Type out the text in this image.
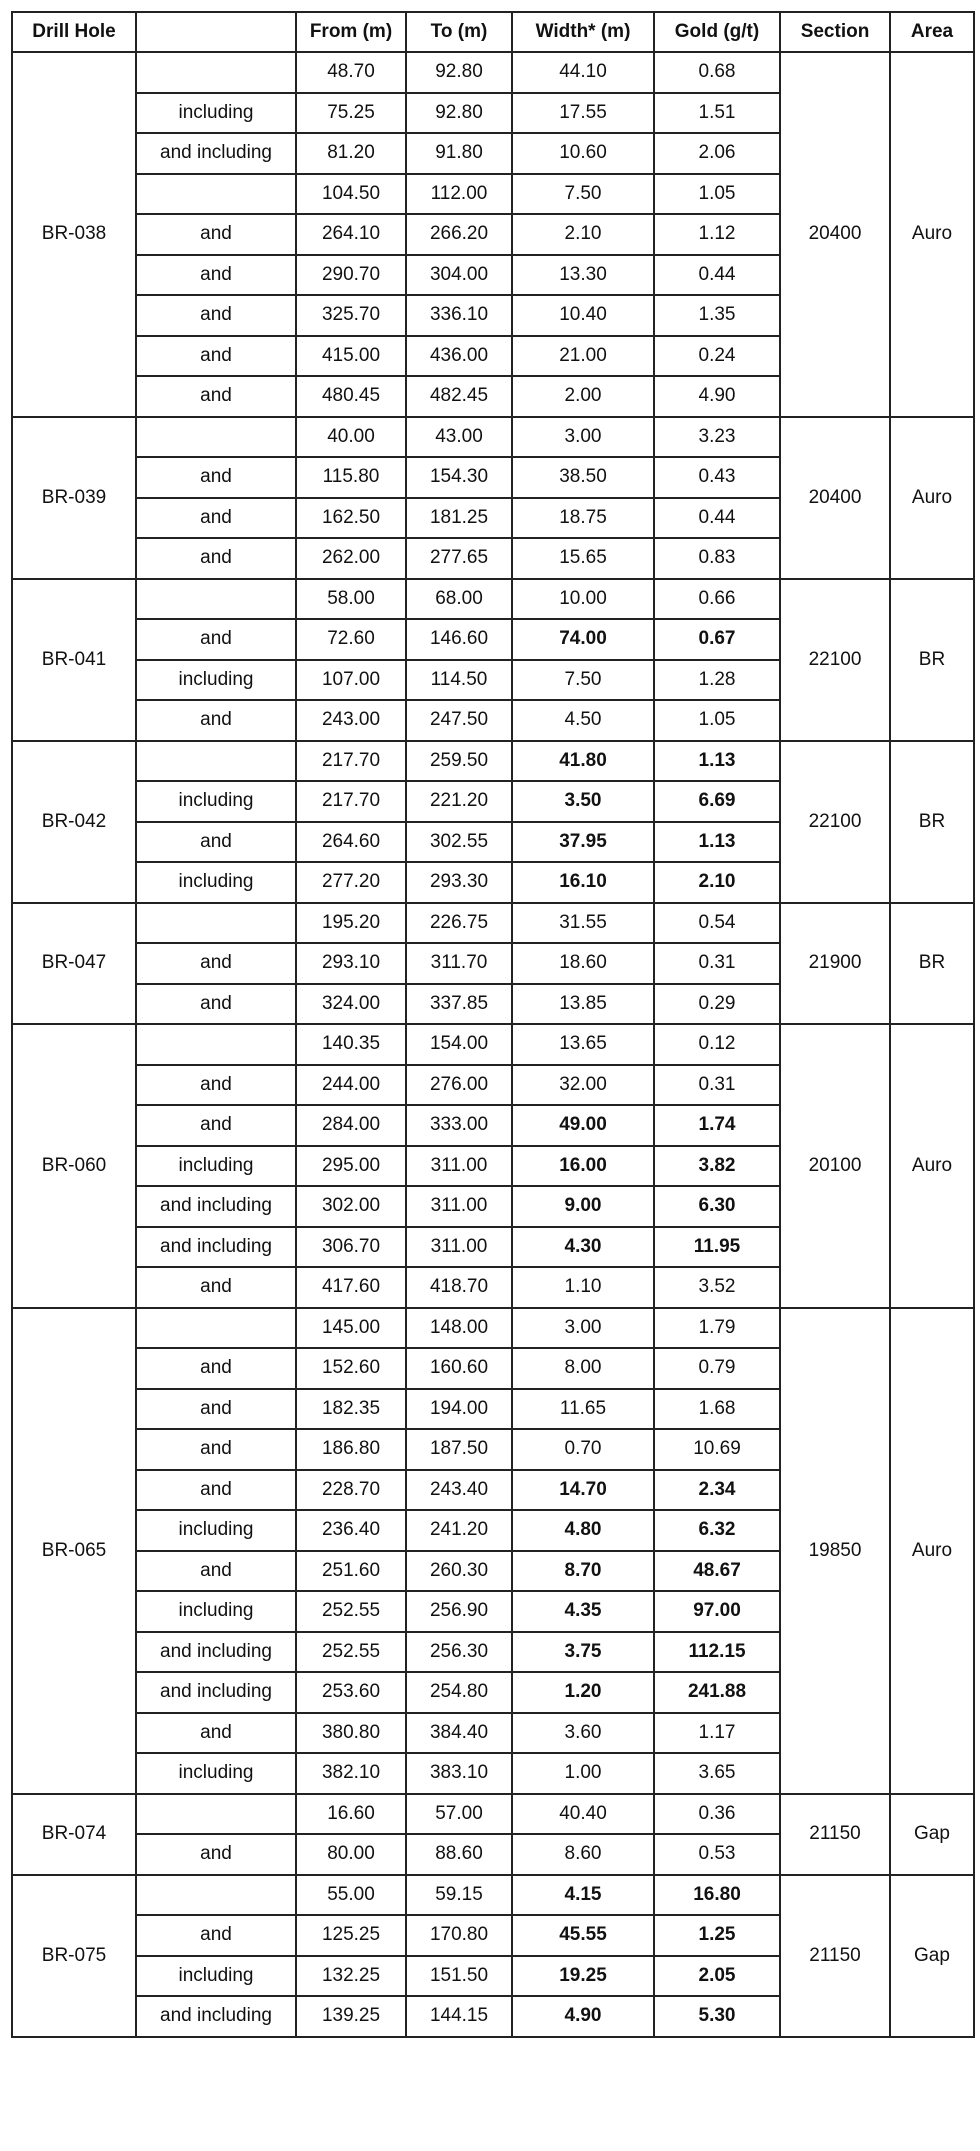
Drill Hole		From (m)	To (m)	Width* (m)	Gold (g/t)	Section	Area
BR-038		48.70	92.80	44.10	0.68	20400	Auro
	including	75.25	92.80	17.55	1.51		
	and including	81.20	91.80	10.60	2.06		
		104.50	112.00	7.50	1.05		
	and	264.10	266.20	2.10	1.12		
	and	290.70	304.00	13.30	0.44		
	and	325.70	336.10	10.40	1.35		
	and	415.00	436.00	21.00	0.24		
	and	480.45	482.45	2.00	4.90		
BR-039		40.00	43.00	3.00	3.23	20400	Auro
	and	115.80	154.30	38.50	0.43		
	and	162.50	181.25	18.75	0.44		
	and	262.00	277.65	15.65	0.83		
BR-041		58.00	68.00	10.00	0.66	22100	BR
	and	72.60	146.60	74.00	0.67		
	including	107.00	114.50	7.50	1.28		
	and	243.00	247.50	4.50	1.05		
BR-042		217.70	259.50	41.80	1.13	22100	BR
	including	217.70	221.20	3.50	6.69		
	and	264.60	302.55	37.95	1.13		
	including	277.20	293.30	16.10	2.10		
BR-047		195.20	226.75	31.55	0.54	21900	BR
	and	293.10	311.70	18.60	0.31		
	and	324.00	337.85	13.85	0.29		
BR-060		140.35	154.00	13.65	0.12	20100	Auro
	and	244.00	276.00	32.00	0.31		
	and	284.00	333.00	49.00	1.74		
	including	295.00	311.00	16.00	3.82		
	and including	302.00	311.00	9.00	6.30		
	and including	306.70	311.00	4.30	11.95		
	and	417.60	418.70	1.10	3.52		
BR-065		145.00	148.00	3.00	1.79	19850	Auro
	and	152.60	160.60	8.00	0.79		
	and	182.35	194.00	11.65	1.68		
	and	186.80	187.50	0.70	10.69		
	and	228.70	243.40	14.70	2.34		
	including	236.40	241.20	4.80	6.32		
	and	251.60	260.30	8.70	48.67		
	including	252.55	256.90	4.35	97.00		
	and including	252.55	256.30	3.75	112.15		
	and including	253.60	254.80	1.20	241.88		
	and	380.80	384.40	3.60	1.17		
	including	382.10	383.10	1.00	3.65		
BR-074		16.60	57.00	40.40	0.36	21150	Gap
	and	80.00	88.60	8.60	0.53		
BR-075		55.00	59.15	4.15	16.80	21150	Gap
	and	125.25	170.80	45.55	1.25		
	including	132.25	151.50	19.25	2.05		
	and including	139.25	144.15	4.90	5.30		
